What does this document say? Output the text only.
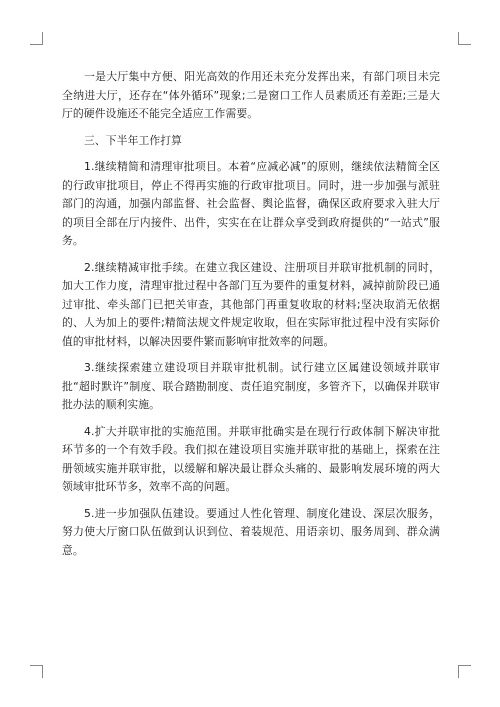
一是大厅集中方便、阳光高效的作用还未充分发挥出来，有部门项目未完全纳进大厅，还存在“体外循环”现象;二是窗口工作人员素质还有差距;三是大厅的硬件设施还不能完全适应工作需要。

三、下半年工作打算

1.继续精简和清理审批项目。本着“应减必减”的原则，继续依法精简全区的行政审批项目，停止不得再实施的行政审批项目。同时，进一步加强与派驻部门的沟通，加强内部监督、社会监督、舆论监督，确保区政府要求入驻大厅的项目全部在厅内接件、出件，实实在在让群众享受到政府提供的“一站式”服务。

2.继续精减审批手续。在建立我区建设、注册项目并联审批机制的同时，加大工作力度，清理审批过程中各部门互为要件的重复材料，减掉前阶段已通过审批、牵头部门已把关审查，其他部门再重复收取的材料;坚决取消无依据的、人为加上的要件;精简法规文件规定收取，但在实际审批过程中没有实际价值的审批材料，以解决因要件繁而影响审批效率的问题。

3.继续探索建立建设项目并联审批机制。试行建立区属建设领域并联审批“超时默许”制度、联合踏勘制度、责任追究制度，多管齐下，以确保并联审批办法的顺利实施。

4.扩大并联审批的实施范围。并联审批确实是在现行行政体制下解决审批环节多的一个有效手段。我们拟在建设项目实施并联审批的基础上，探索在注册领域实施并联审批，以缓解和解决最让群众头痛的、最影响发展环境的两大领域审批环节多，效率不高的问题。

5.进一步加强队伍建设。要通过人性化管理、制度化建设、深层次服务，努力使大厅窗口队伍做到认识到位、着装规范、用语亲切、服务周到、群众满意。
